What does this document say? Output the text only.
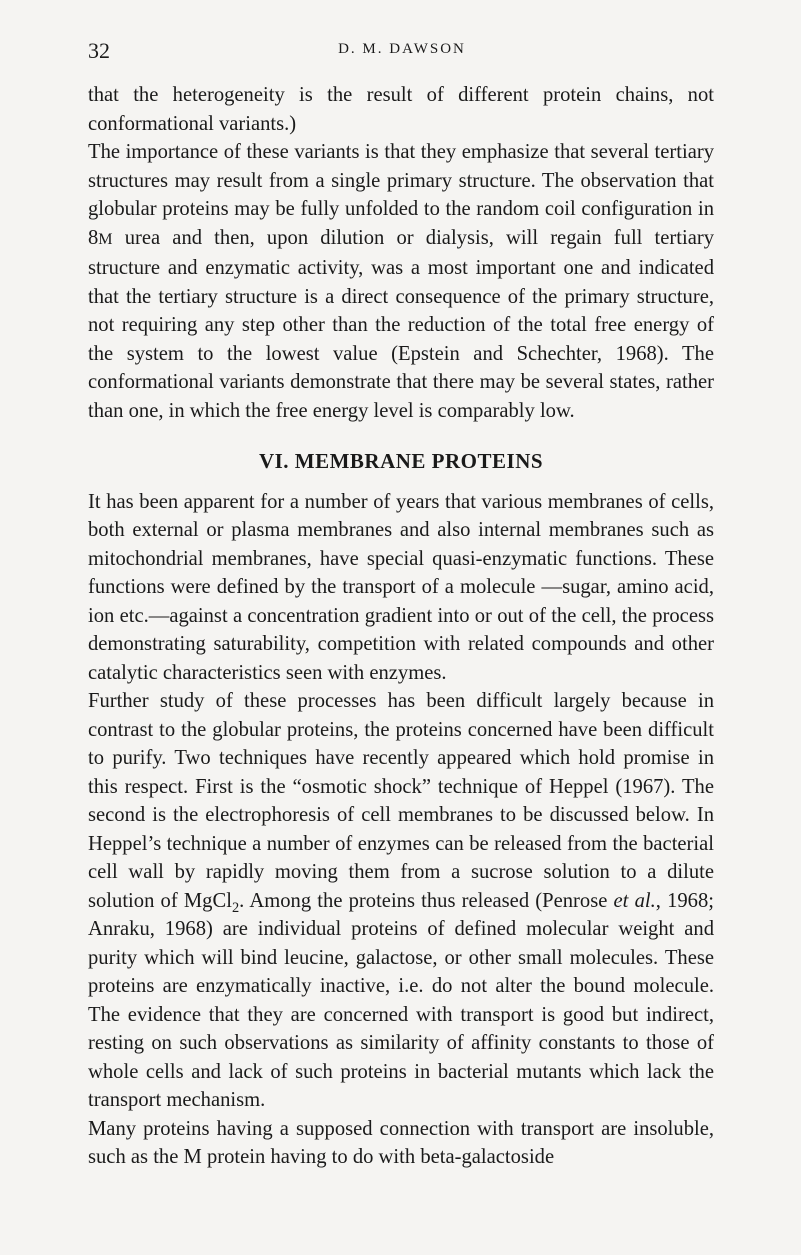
32	D. M. DAWSON

that the heterogeneity is the result of different protein chains, not conformational variants.)

The importance of these variants is that they emphasize that several tertiary structures may result from a single primary structure. The observation that globular proteins may be fully unfolded to the random coil configuration in 8M urea and then, upon dilution or dialysis, will regain full tertiary structure and enzymatic activity, was a most important one and indicated that the tertiary structure is a direct consequence of the primary structure, not requiring any step other than the reduction of the total free energy of the system to the lowest value (Epstein and Schechter, 1968). The conformational variants demonstrate that there may be several states, rather than one, in which the free energy level is comparably low.

VI. MEMBRANE PROTEINS

It has been apparent for a number of years that various membranes of cells, both external or plasma membranes and also internal membranes such as mitochondrial membranes, have special quasi-enzymatic functions. These functions were defined by the transport of a molecule —sugar, amino acid, ion etc.—against a concentration gradient into or out of the cell, the process demonstrating saturability, competition with related compounds and other catalytic characteristics seen with enzymes.

Further study of these processes has been difficult largely because in contrast to the globular proteins, the proteins concerned have been difficult to purify. Two techniques have recently appeared which hold promise in this respect. First is the “osmotic shock” technique of Heppel (1967). The second is the electrophoresis of cell membranes to be discussed below. In Heppel’s technique a number of enzymes can be released from the bacterial cell wall by rapidly moving them from a sucrose solution to a dilute solution of MgCl$_2$. Among the proteins thus released (Penrose et al., 1968; Anraku, 1968) are individual proteins of defined molecular weight and purity which will bind leucine, galactose, or other small molecules. These proteins are enzymatically inactive, i.e. do not alter the bound molecule. The evidence that they are concerned with transport is good but indirect, resting on such observations as similarity of affinity constants to those of whole cells and lack of such proteins in bacterial mutants which lack the transport mechanism.

Many proteins having a supposed connection with transport are insoluble, such as the M protein having to do with beta-galactoside
